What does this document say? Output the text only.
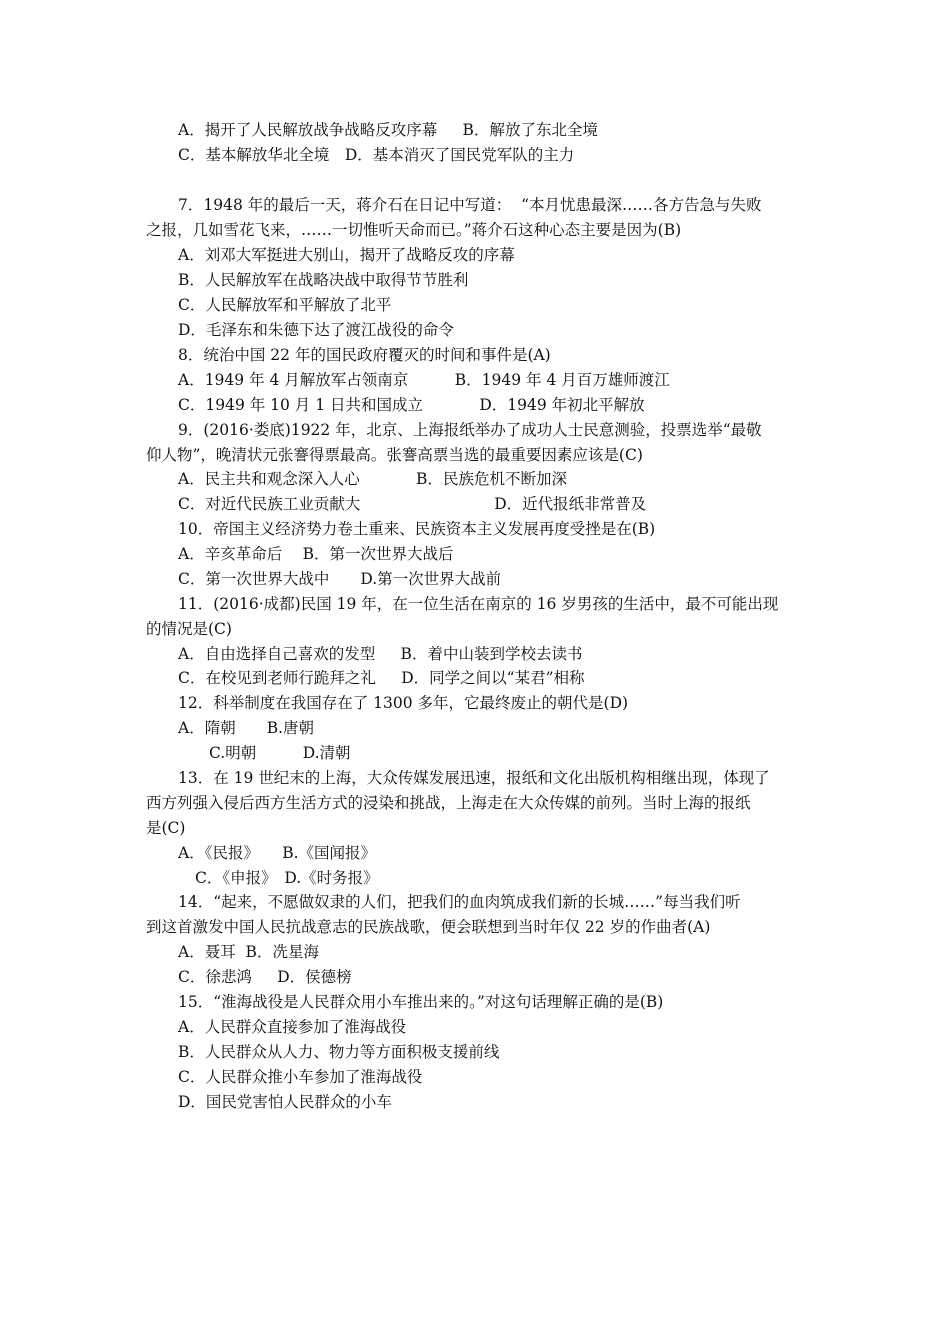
A．揭开了人民解放战争战略反攻序幕　  B．解放了东北全境
C．基本解放华北全境　D．基本消灭了国民党军队的主力
7．1948 年的最后一天，蒋介石在日记中写道：  “本月忧患最深……各方告急与失败
之报，几如雪花飞来，……一切惟听天命而已。”蒋介石这种心态主要是因为(B)
A．刘邓大军挺进大别山，揭开了战略反攻的序幕
B．人民解放军在战略决战中取得节节胜利
C．人民解放军和平解放了北平
D．毛泽东和朱德下达了渡江战役的命令
8．统治中国 22 年的国民政府覆灭的时间和事件是(A)
A．1949 年 4 月解放军占领南京　　　B．1949 年 4 月百万雄师渡江
C．1949 年 10 月 1 日共和国成立　　　  D．1949 年初北平解放
9．(2016·娄底)1922 年，北京、上海报纸举办了成功人士民意测验，投票选举“最敬
仰人物”，晚清状元张謇得票最高。张謇高票当选的最重要因素应该是(C)
A．民主共和观念深入人心　　　  B．民族危机不断加深
C．对近代民族工业贡献大　　　　　　　　  D．近代报纸非常普及
10．帝国主义经济势力卷土重来、民族资本主义发展再度受挫是在(B)
A．辛亥革命后　 B．第一次世界大战后
C．第一次世界大战中　　D.第一次世界大战前
11．(2016·成都)民国 19 年，在一位生活在南京的 16 岁男孩的生活中，最不可能出现
的情况是(C)
A．自由选择自己喜欢的发型　  B．着中山装到学校去读书
C．在校见到老师行跪拜之礼　  D．同学之间以“某君”相称
12．科举制度在我国存在了 1300 多年，它最终废止的朝代是(D)
A．隋朝　　B.唐朝
C.明朝　　　D.清朝
13．在 19 世纪末的上海，大众传媒发展迅速，报纸和文化出版机构相继出现，体现了
西方列强入侵后西方生活方式的浸染和挑战，上海走在大众传媒的前列。当时上海的报纸
是(C)
A．《民报》　　B.《国闻报》
C．《申报》　D.《时务报》
14．“起来，不愿做奴隶的人们，把我们的血肉筑成我们新的长城……”每当我们听
到这首激发中国人民抗战意志的民族战歌，便会联想到当时年仅 22 岁的作曲者(A)
A．聂耳  B．冼星海
C．徐悲鸿　  D．侯德榜
15．“淮海战役是人民群众用小车推出来的。”对这句话理解正确的是(B)
A．人民群众直接参加了淮海战役
B．人民群众从人力、物力等方面积极支援前线
C．人民群众推小车参加了淮海战役
D．国民党害怕人民群众的小车
